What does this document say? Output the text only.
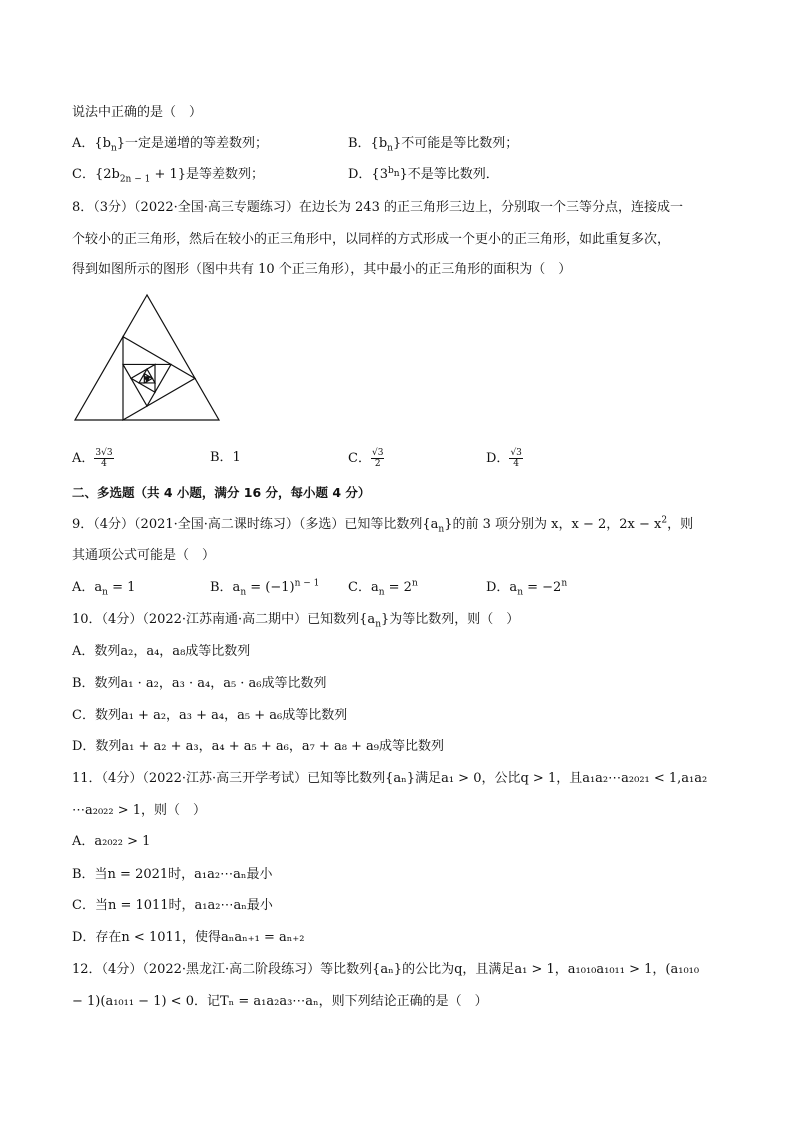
说法中正确的是（　）
A．$\{b_n\}$一定是递增的等差数列；	B．$\{b_n\}$不可能是等比数列；
C．$\{2b_{2n - 1} + 1\}$是等差数列；	D．$\{3^{b_n}\}$不是等比数列．
8．（3分）（2022·全国·高三专题练习）在边长为 243 的正三角形三边上，分别取一个三等分点，连接成一
个较小的正三角形，然后在较小的正三角形中，以同样的方式形成一个更小的正三角形，如此重复多次，
得到如图所示的图形（图中共有 10 个正三角形），其中最小的正三角形的面积为（　）
A． $\frac{3√3}{4}$	B．1	C． $\frac{√3}{2}$	D． $\frac{√3}{4}$
二、多选题（共 4 小题，满分 16 分，每小题 4 分）
9．（4分）（2021·全国·高二课时练习）（多选）已知等比数列$\{a_n\}$的前 3 项分别为 x，x − 2，$2x - x^2$，则
其通项公式可能是（　）
A．$a_n = 1$	B．$a_n = (-1)^{n - 1}$ C．$a_n = 2^n$	D．$a_n = -2^n$
10．（4分）（2022·江苏南通·高二期中）已知数列$\{a_n\}$为等比数列，则（　）
A．数列a₂，a₄，a₈成等比数列
B．数列a₁ · a₂，a₃ · a₄，a₅ · a₆成等比数列
C．数列a₁ + a₂，a₃ + a₄，a₅ + a₆成等比数列
D．数列a₁ + a₂ + a₃，a₄ + a₅ + a₆，a₇ + a₈ + a₉成等比数列
11．（4分）（2022·江苏·高三开学考试）已知等比数列{aₙ}满足a₁ > 0，公比q > 1，且a₁a₂⋯a₂₀₂₁ < 1,a₁a₂
⋯a₂₀₂₂ > 1，则（　）
A．a₂₀₂₂ > 1
B．当n = 2021时，a₁a₂⋯aₙ最小
C．当n = 1011时，a₁a₂⋯aₙ最小
D．存在n < 1011，使得aₙaₙ₊₁ = aₙ₊₂
12．（4分）（2022·黑龙江·高二阶段练习）等比数列{aₙ}的公比为q，且满足a₁ > 1，a₁₀₁₀a₁₀₁₁ > 1，(a₁₀₁₀
− 1)(a₁₀₁₁ − 1) < 0．记Tₙ = a₁a₂a₃⋯aₙ，则下列结论正确的是（　）
